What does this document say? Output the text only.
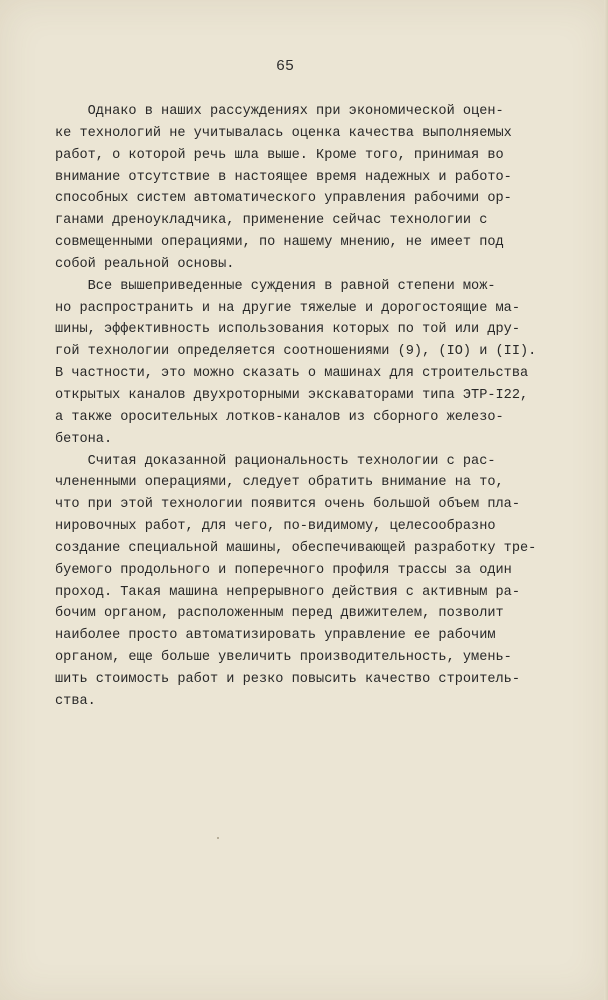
65
Однако в наших рассуждениях при экономической оцен-
ке технологий не учитывалась оценка качества выполняемых
работ, о которой речь шла выше. Кроме того, принимая во
внимание отсутствие в настоящее время надежных и работо-
способных систем автоматического управления рабочими ор-
ганами дреноукладчика, применение сейчас технологии с
совмещенными операциями, по нашему мнению, не имеет под
собой реальной основы.
Все вышеприведенные суждения в равной степени мож-
но распространить и на другие тяжелые и дорогостоящие ма-
шины, эффективность использования которых по той или дру-
гой технологии определяется соотношениями (9), (IO) и (II).
В частности, это можно сказать о машинах для строительства
открытых каналов двухроторными экскаваторами типа ЭТР-I22,
а также оросительных лотков-каналов из сборного железо-
бетона.
Считая доказанной рациональность технологии с рас-
члененными операциями, следует обратить внимание на то,
что при этой технологии появится очень большой объем пла-
нировочных работ, для чего, по-видимому, целесообразно
создание специальной машины, обеспечивающей разработку тре-
буемого продольного и поперечного профиля трассы за один
проход. Такая машина непрерывного действия с активным ра-
бочим органом, расположенным перед движителем, позволит
наиболее просто автоматизировать управление ее рабочим
органом, еще больше увеличить производительность, умень-
шить стоимость работ и резко повысить качество строитель-
ства.
